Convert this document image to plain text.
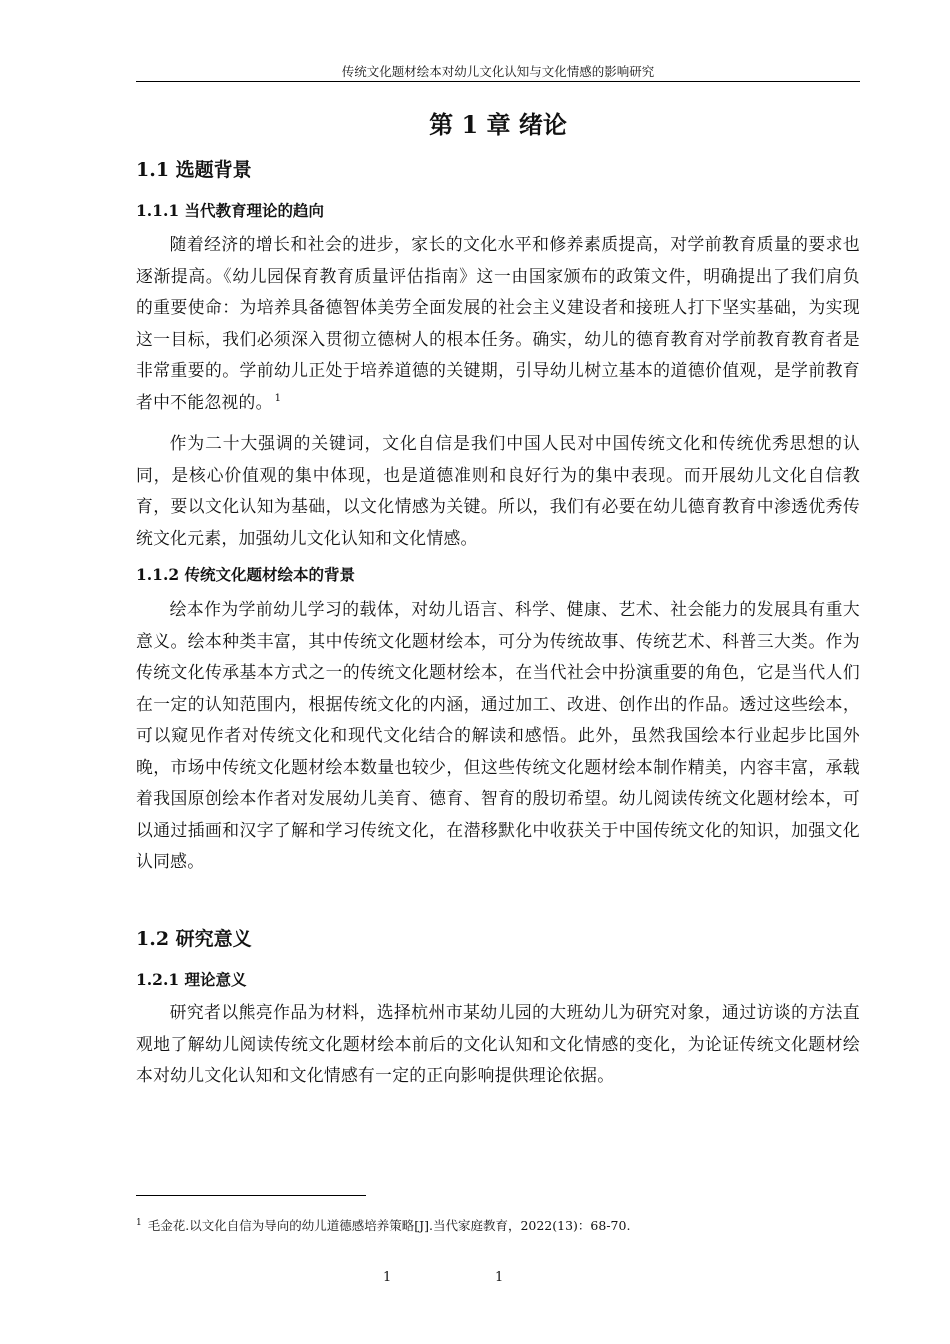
传统文化题材绘本对幼儿文化认知与文化情感的影响研究
第 1 章 绪论
1.1 选题背景
1.1.1 当代教育理论的趋向

随着经济的增长和社会的进步，家长的文化水平和修养素质提高，对学前教育质量的要求也逐渐提高。《幼儿园保育教育质量评估指南》这一由国家颁布的政策文件，明确提出了我们肩负的重要使命：为培养具备德智体美劳全面发展的社会主义建设者和接班人打下坚实基础，为实现这一目标，我们必须深入贯彻立德树人的根本任务。确实，幼儿的德育教育对学前教育教育者是非常重要的。学前幼儿正处于培养道德的关键期，引导幼儿树立基本的道德价值观，是学前教育者中不能忽视的。 $^1$

作为二十大强调的关键词，文化自信是我们中国人民对中国传统文化和传统优秀思想的认同，是核心价值观的集中体现，也是道德准则和良好行为的集中表现。而开展幼儿文化自信教育，要以文化认知为基础，以文化情感为关键。所以，我们有必要在幼儿德育教育中渗透优秀传统文化元素，加强幼儿文化认知和文化情感。

1.1.2 传统文化题材绘本的背景

绘本作为学前幼儿学习的载体，对幼儿语言、科学、健康、艺术、社会能力的发展具有重大意义。绘本种类丰富，其中传统文化题材绘本，可分为传统故事、传统艺术、科普三大类。作为传统文化传承基本方式之一的传统文化题材绘本，在当代社会中扮演重要的角色，它是当代人们在一定的认知范围内，根据传统文化的内涵，通过加工、改进、创作出的作品。透过这些绘本，可以窥见作者对传统文化和现代文化结合的解读和感悟。此外，虽然我国绘本行业起步比国外晚，市场中传统文化题材绘本数量也较少，但这些传统文化题材绘本制作精美，内容丰富，承载着我国原创绘本作者对发展幼儿美育、德育、智育的殷切希望。幼儿阅读传统文化题材绘本，可以通过插画和汉字了解和学习传统文化，在潜移默化中收获关于中国传统文化的知识，加强文化认同感。

1.2 研究意义
1.2.1 理论意义

研究者以熊亮作品为材料，选择杭州市某幼儿园的大班幼儿为研究对象，通过访谈的方法直观地了解幼儿阅读传统文化题材绘本前后的文化认知和文化情感的变化，为论证传统文化题材绘本对幼儿文化认知和文化情感有一定的正向影响提供理论依据。

$^1$ 毛金花.以文化自信为导向的幼儿道德感培养策略[J].当代家庭教育，2022(13)：68-70.
1	1
